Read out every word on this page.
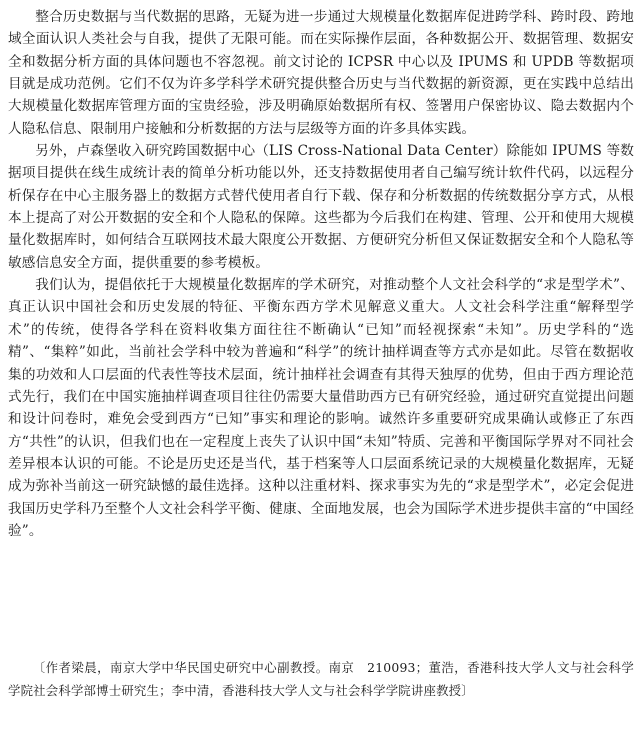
整合历史数据与当代数据的思路，无疑为进一步通过大规模量化数据库促进跨学科、跨时段、跨地域全面认识人类社会与自我，提供了无限可能。而在实际操作层面，各种数据公开、数据管理、数据安全和数据分析方面的具体问题也不容忽视。前文讨论的 ICPSR 中心以及 IPUMS 和 UPDB 等数据项目就是成功范例。它们不仅为许多学科学术研究提供整合历史与当代数据的新资源，更在实践中总结出大规模量化数据库管理方面的宝贵经验，涉及明确原始数据所有权、签署用户保密协议、隐去数据内个人隐私信息、限制用户接触和分析数据的方法与层级等方面的许多具体实践。

另外，卢森堡收入研究跨国数据中心（LIS Cross-National Data Center）除能如 IPUMS 等数据项目提供在线生成统计表的简单分析功能以外，还支持数据使用者自己编写统计软件代码，以远程分析保存在中心主服务器上的数据方式替代使用者自行下载、保存和分析数据的传统数据分享方式，从根本上提高了对公开数据的安全和个人隐私的保障。这些都为今后我们在构建、管理、公开和使用大规模量化数据库时，如何结合互联网技术最大限度公开数据、方便研究分析但又保证数据安全和个人隐私等敏感信息安全方面，提供重要的参考模板。

我们认为，提倡依托于大规模量化数据库的学术研究，对推动整个人文社会科学的“求是型学术”、真正认识中国社会和历史发展的特征、平衡东西方学术见解意义重大。人文社会科学注重“解释型学术”的传统，使得各学科在资料收集方面往往不断确认“已知”而轻视探索“未知”。历史学科的“选精”、“集粹”如此，当前社会学科中较为普遍和“科学”的统计抽样调查等方式亦是如此。尽管在数据收集的功效和人口层面的代表性等技术层面，统计抽样社会调查有其得天独厚的优势，但由于西方理论范式先行，我们在中国实施抽样调查项目往往仍需要大量借助西方已有研究经验，通过研究直觉提出问题和设计问卷时，难免会受到西方“已知”事实和理论的影响。诚然许多重要研究成果确认或修正了东西方“共性”的认识，但我们也在一定程度上丧失了认识中国“未知”特质、完善和平衡国际学界对不同社会差异根本认识的可能。不论是历史还是当代，基于档案等人口层面系统记录的大规模量化数据库，无疑成为弥补当前这一研究缺憾的最佳选择。这种以注重材料、探求事实为先的“求是型学术”，必定会促进我国历史学科乃至整个人文社会科学平衡、健康、全面地发展，也会为国际学术进步提供丰富的“中国经验”。

〔作者梁晨，南京大学中华民国史研究中心副教授。南京　210093；董浩，香港科技大学人文与社会科学学院社会科学部博士研究生；李中清，香港科技大学人文与社会科学学院讲座教授〕
